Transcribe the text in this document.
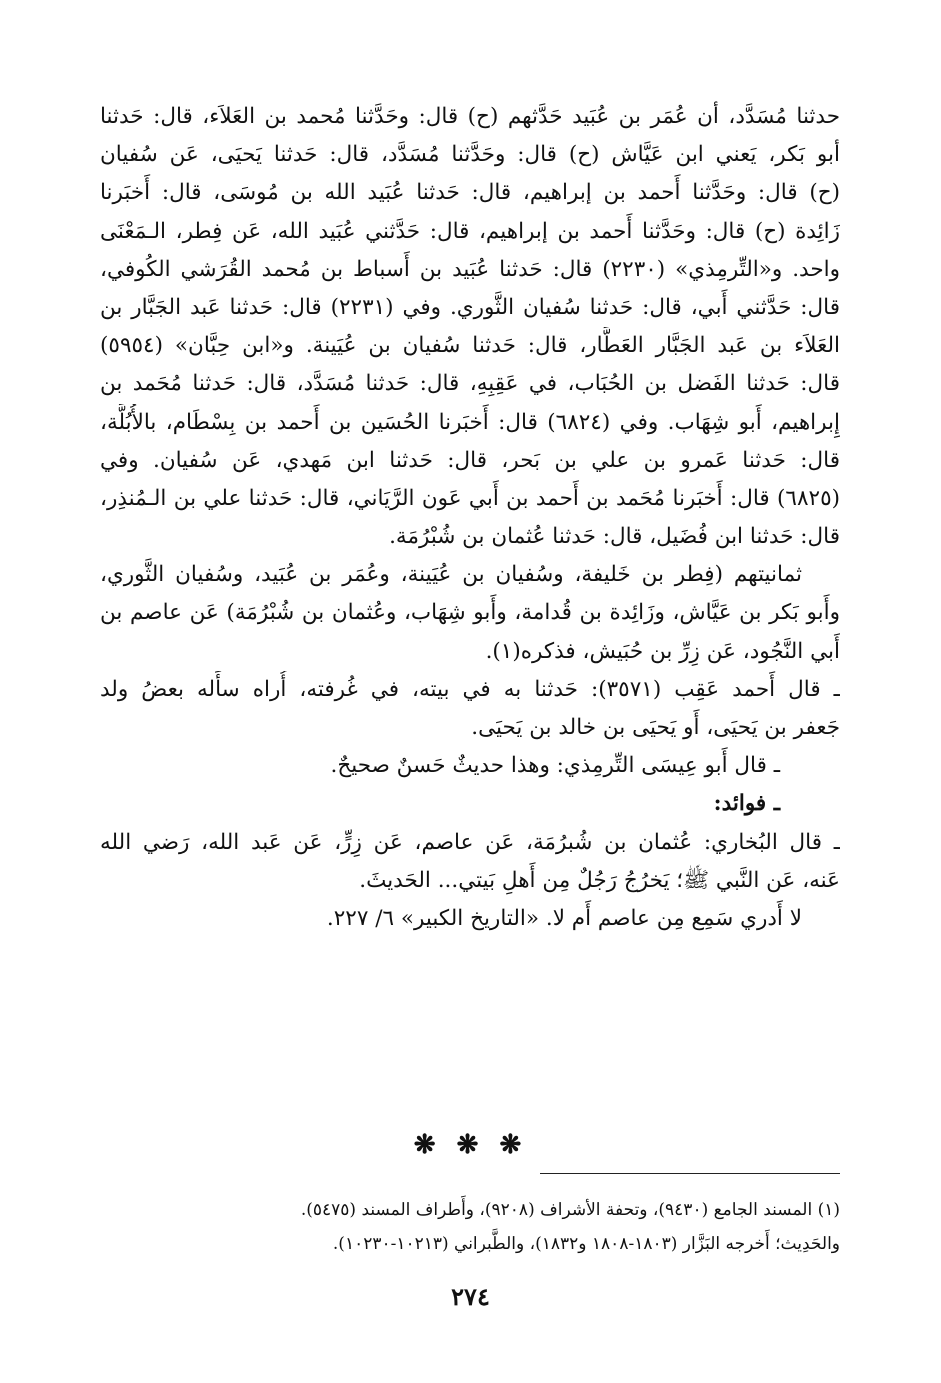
حدثنا مُسَدَّد، أن عُمَر بن عُبَيد حَدَّثهم (ح) قال: وحَدَّثنا مُحمد بن العَلاَء، قال: حَدثنا
أبو بَكر، يَعني ابن عَيَّاش (ح) قال: وحَدَّثنا مُسَدَّد، قال: حَدثنا يَحيَى، عَن سُفيان
(ح) قال: وحَدَّثنا أَحمد بن إبراهيم، قال: حَدثنا عُبَيد الله بن مُوسَى، قال: أَخبَرنا
زَائِدة (ح) قال: وحَدَّثنا أَحمد بن إبراهيم، قال: حَدَّثني عُبَيد الله، عَن فِطر، الـمَعْنَى
واحد. و«التِّرمِذي» (٢٢٣٠) قال: حَدثنا عُبَيد بن أَسباط بن مُحمد القُرَشي الكُوفي،
قال: حَدَّثني أَبي، قال: حَدثنا سُفيان الثَّوري. وفي (٢٢٣١) قال: حَدثنا عَبد الجَبَّار بن
العَلاَء بن عَبد الجَبَّار العَطَّار، قال: حَدثنا سُفيان بن عُيَينة. و«ابن حِبَّان» (٥٩٥٤)
قال: حَدثنا الفَضل بن الحُبَاب، في عَقِبِهِ، قال: حَدثنا مُسَدَّد، قال: حَدثنا مُحَمد بن
إِبراهيم، أَبو شِهَاب. وفي (٦٨٢٤) قال: أَخبَرنا الحُسَين بن أَحمد بن بِسْطَام، بالأُبُلَّة،
قال: حَدثنا عَمرو بن علي بن بَحر، قال: حَدثنا ابن مَهدي، عَن سُفيان. وفي
(٦٨٢٥) قال: أَخبَرنا مُحَمد بن أَحمد بن أَبي عَون الرَّيَاني، قال: حَدثنا علي بن الـمُنذِر،
قال: حَدثنا ابن فُضَيل، قال: حَدثنا عُثمان بن شُبْرُمَة.
ثمانيتهم (فِطر بن خَليفة، وسُفيان بن عُيَينة، وعُمَر بن عُبَيد، وسُفيان الثَّوري،
وأَبو بَكر بن عَيَّاش، وزَائِدة بن قُدامة، وأَبو شِهَاب، وعُثمان بن شُبْرُمَة) عَن عاصم بن
أَبي النَّجُود، عَن زِرِّ بن حُبَيش، فذكره(١).
ـ قال أَحمد عَقِب (٣٥٧١): حَدثنا به في بيته، في غُرفته، أُراه سأَله بعضُ ولد
جَعفر بن يَحيَى، أَو يَحيَى بن خالد بن يَحيَى.
ـ قال أَبو عِيسَى التِّرمِذي: وهذا حديثٌ حَسنٌ صحيحٌ.
ـ فوائد:
ـ قال البُخاري: عُثمان بن شُبرُمَة، عَن عاصم، عَن زِرٍّ، عَن عَبد الله، رَضي الله
عَنه، عَن النَّبي ﷺ؛ يَخرُجُ رَجُلٌ مِن أَهلِ بَيتي... الحَديثَ.
لا أَدري سَمِع مِن عاصم أَم لا. «التاريخ الكبير» ٦/ ٢٢٧.
❋ ❋ ❋
(١) المسند الجامع (٩٤٣٠)، وتحفة الأشراف (٩٢٠٨)، وأَطراف المسند (٥٤٧٥).
والحَدِيث؛ أَخرجه البَزَّار (١٨٠٣-١٨٠٨ و١٨٣٢)، والطَّبراني (١٠٢١٣-١٠٢٣٠).
٢٧٤
